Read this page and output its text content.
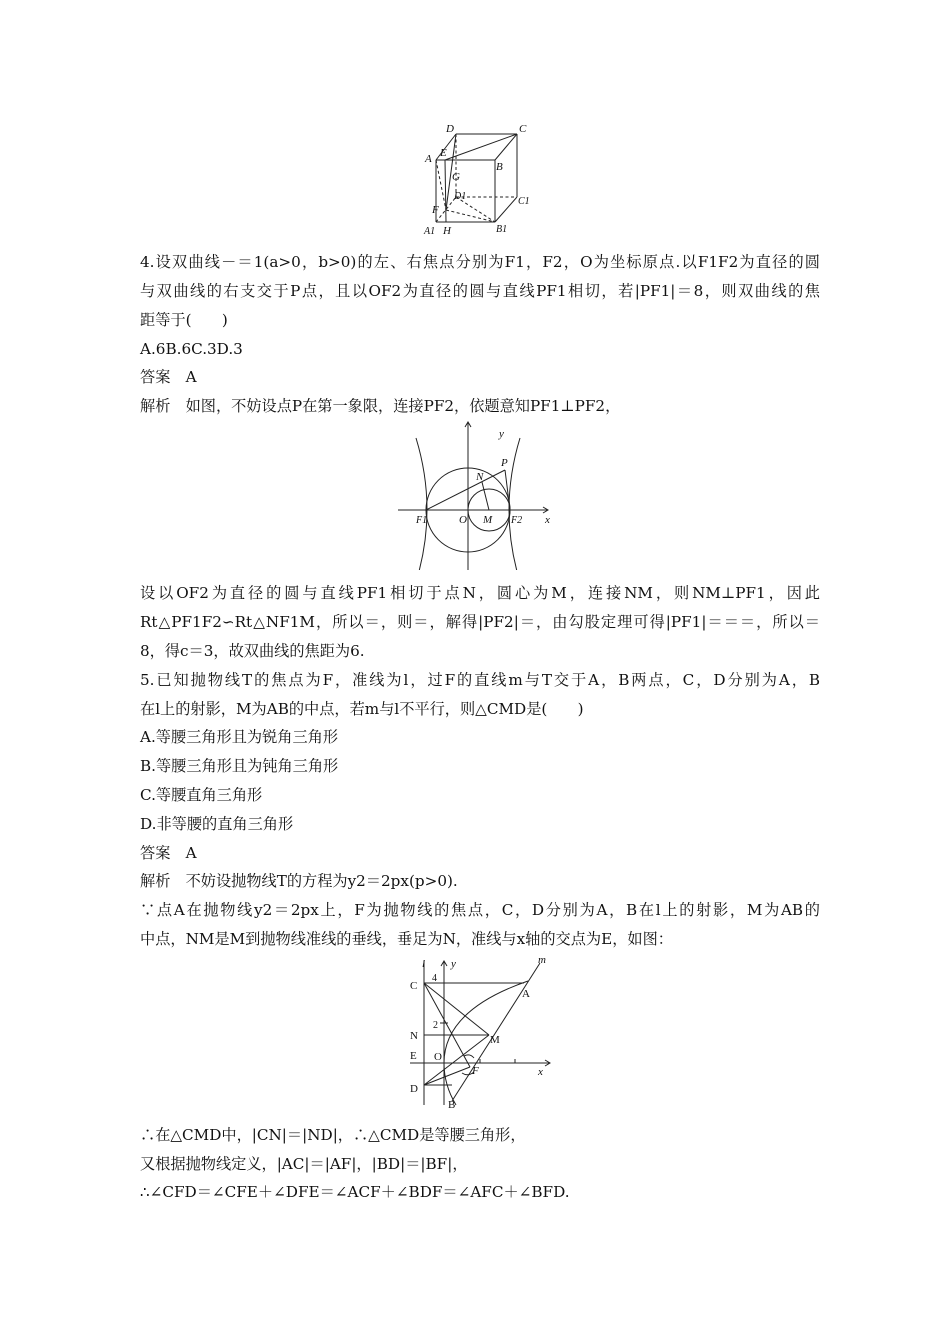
D	C
A E
B
G
D1	C1
F
A1 H	B1
4.设双曲线－＝1(a>0，b>0)的左、右焦点分别为F1，F2，O为坐标原点.以F1F2为直径的圆
与双曲线的右支交于P点，且以OF2为直径的圆与直线PF1相切，若|PF1|＝8，则双曲线的焦
距等于(　　)
A.6B.6C.3D.3
答案　A
解析　如图，不妨设点P在第一象限，连接PF2，依题意知PF1⊥PF2，
y
N
P
F1	O M F2 x
设以OF2为直径的圆与直线PF1相切于点N，圆心为M，连接NM，则NM⊥PF1，因此
Rt△PF1F2∽Rt△NF1M，所以＝，则＝，解得|PF2|＝，由勾股定理可得|PF1|＝＝＝，所以＝
8，得c＝3，故双曲线的焦距为6.
5.已知抛物线T的焦点为F，准线为l，过F的直线m与T交于A，B两点，C，D分别为A，B
在l上的射影，M为AB的中点，若m与l不平行，则△CMD是(　　)
A.等腰三角形且为锐角三角形
B.等腰三角形且为钝角三角形
C.等腰直角三角形
D.非等腰的直角三角形
答案　A
解析　不妨设抛物线T的方程为y2＝2px(p>0).
∵点A在抛物线y2＝2px上，F为抛物线的焦点，C，D分别为A，B在l上的射影，M为AB的
中点，NM是M到抛物线准线的垂线，垂足为N，准线与x轴的交点为E，如图：
l y	m
4
C
A
2
N	M
E O
F	x
D
B
∴在△CMD中，|CN|＝|ND|，∴△CMD是等腰三角形，
又根据抛物线定义，|AC|＝|AF|，|BD|＝|BF|，
∴∠CFD＝∠CFE＋∠DFE＝∠ACF＋∠BDF＝∠AFC＋∠BFD.
